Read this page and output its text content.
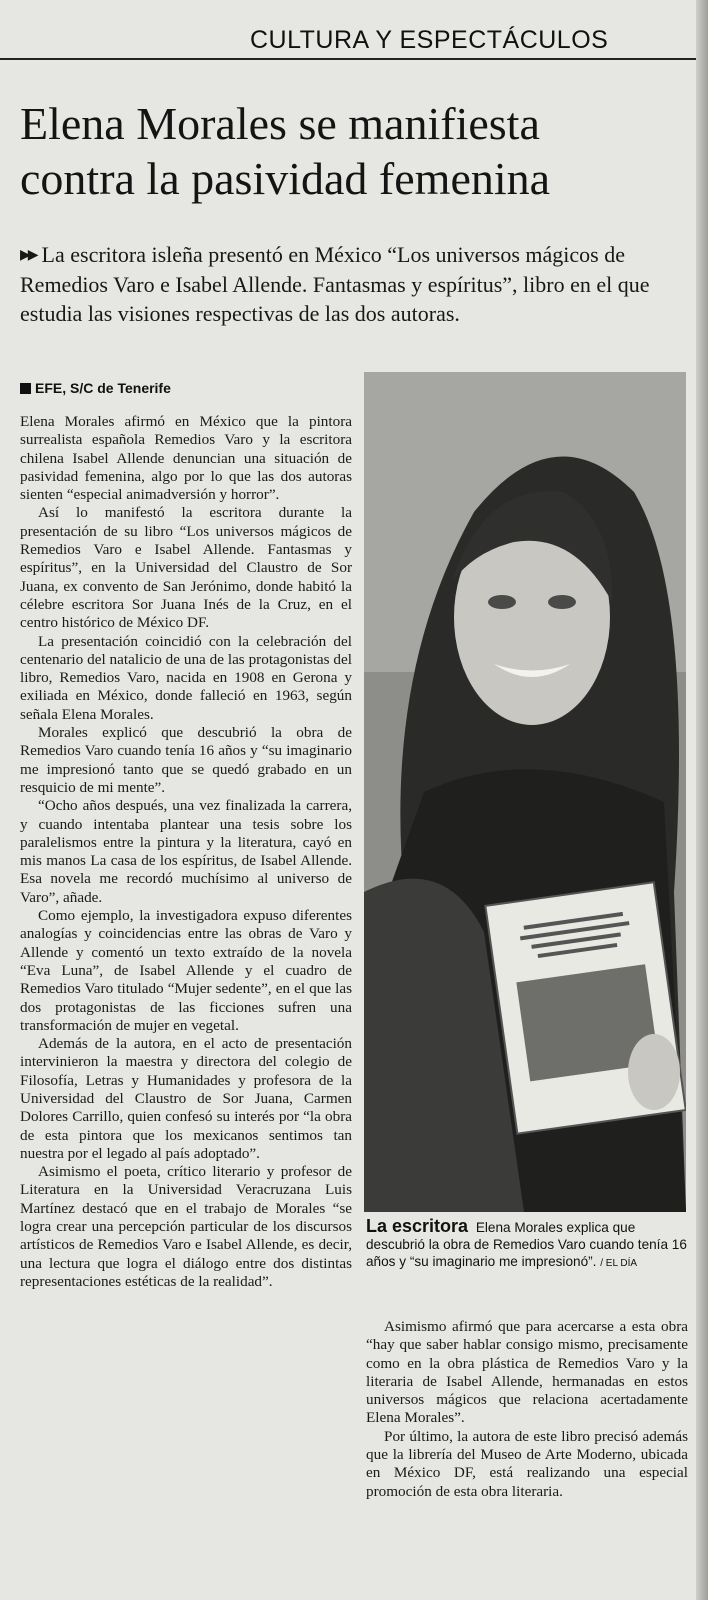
CULTURA Y ESPECTÁCULOS
Elena Morales se manifiesta
contra la pasividad femenina
▶▶ La escritora isleña presentó en México “Los universos mágicos de Remedios Varo e Isabel Allende. Fantasmas y espíritus”, libro en el que estudia las visiones respectivas de las dos autoras.
EFE, S/C de Tenerife

Elena Morales afirmó en México que la pintora surrealista española Remedios Varo y la escritora chilena Isabel Allende denuncian una situación de pasividad femenina, algo por lo que las dos autoras sienten “especial animadversión y horror”.

Así lo manifestó la escritora durante la presentación de su libro “Los universos mágicos de Remedios Varo e Isabel Allende. Fantasmas y espíritus”, en la Universidad del Claustro de Sor Juana, ex convento de San Jerónimo, donde habitó la célebre escritora Sor Juana Inés de la Cruz, en el centro histórico de México DF.

La presentación coincidió con la celebración del centenario del natalicio de una de las protagonistas del libro, Remedios Varo, nacida en 1908 en Gerona y exiliada en México, donde falleció en 1963, según señala Elena Morales.

Morales explicó que descubrió la obra de Remedios Varo cuando tenía 16 años y “su imaginario me impresionó tanto que se quedó grabado en un resquicio de mi mente”.

“Ocho años después, una vez finalizada la carrera, y cuando intentaba plantear una tesis sobre los paralelismos entre la pintura y la literatura, cayó en mis manos La casa de los espíritus, de Isabel Allende. Esa novela me recordó muchísimo al universo de Varo”, añade.

Como ejemplo, la investigadora expuso diferentes analogías y coincidencias entre las obras de Varo y Allende y comentó un texto extraído de la novela “Eva Luna”, de Isabel Allende y el cuadro de Remedios Varo titulado “Mujer sedente”, en el que las dos protagonistas de las ficciones sufren una transformación de mujer en vegetal.

Además de la autora, en el acto de presentación intervinieron la maestra y directora del colegio de Filosofía, Letras y Humanidades y profesora de la Universidad del Claustro de Sor Juana, Carmen Dolores Carrillo, quien confesó su interés por “la obra de esta pintora que los mexicanos sentimos tan nuestra por el legado al país adoptado”.

Asimismo el poeta, crítico literario y profesor de Literatura en la Universidad Veracruzana Luis Martínez destacó que en el trabajo de Morales “se logra crear una percepción particular de los discursos artísticos de Remedios Varo e Isabel Allende, es decir, una lectura que logra el diálogo entre dos distintas representaciones estéticas de la realidad”.

La escritora Elena Morales explica que descubrió la obra de Remedios Varo cuando tenía 16 años y “su imaginario me impresionó”. / EL DÍA

Asimismo afirmó que para acercarse a esta obra “hay que saber hablar consigo mismo, precisamente como en la obra plástica de Remedios Varo y la literaria de Isabel Allende, hermanadas en estos universos mágicos que relaciona acertadamente Elena Morales”.

Por último, la autora de este libro precisó además que la librería del Museo de Arte Moderno, ubicada en México DF, está realizando una especial promoción de esta obra literaria.
